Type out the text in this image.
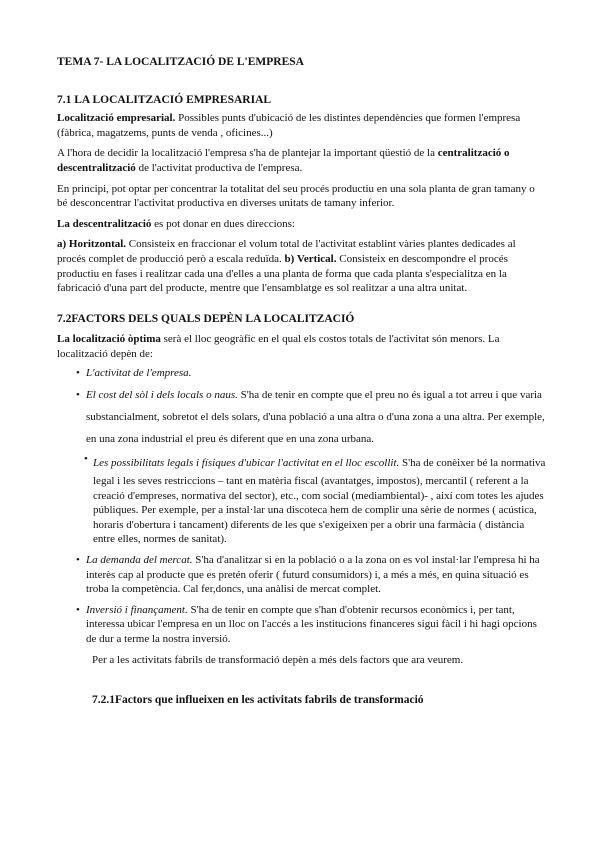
TEMA 7- LA LOCALITZACIÓ DE L'EMPRESA
7.1 LA LOCALITZACIÓ EMPRESARIAL

Localització empresarial. Possibles punts d'ubicació de les distintes dependències que formen l'empresa (fàbrica, magatzems, punts de venda , oficines...)

A l'hora de decidir la localització l'empresa s'ha de plantejar la important qüestió de la centralització o descentralització de l'activitat productiva de l'empresa.

En principi, pot optar per concentrar la totalitat del seu procés productiu en una sola planta de gran tamany o bé desconcentrar l'activitat productiva en diverses unitats de tamany inferior.

La descentralització es pot donar en dues direccions:

a) Horitzontal. Consisteix en fraccionar el volum total de l'activitat establint vàries plantes dedicades al procés complet de producció però a escala reduïda. b) Vertical. Consisteix en descompondre el procés productiu en fases i realitzar cada una d'elles a una planta de forma que cada planta s'especialitza en la fabricació d'una part del producte, mentre que l'ensamblatge es sol realitzar a una altra unitat.

7.2FACTORS DELS QUALS DEPÈN LA LOCALITZACIÓ

La localització òptima serà el lloc geogràfic en el qual els costos totals de l'activitat són menors. La localització depèn de:

• L'activitat de l'empresa.
• El cost del sòl i dels locals o naus. S'ha de tenir en compte que el preu no és igual a tot arreu i que varia substancialment, sobretot el dels solars, d'una població a una altra o d'una zona a una altra. Per exemple, en una zona industrial el preu és diferent que en una zona urbana.
• Les possibilitats legals i físiques d'ubicar l'activitat en el lloc escollit. S'ha de conèixer bé la normativa legal i les seves restriccions – tant en matèria fiscal (avantatges, impostos), mercantil ( referent a la creació d'empreses, normativa del sector), etc., com social (mediambiental)- , així com totes les ajudes públiques. Per exemple, per a instal·lar una discoteca hem de complir una sèrie de normes ( acústica, horaris d'obertura i tancament) diferents de les que s'exigeixen per a obrir una farmàcia ( distància entre elles, normes de sanitat).
• La demanda del mercat. S'ha d'analitzar si en la població o a la zona on es vol instal·lar l'empresa hi ha interès cap al producte que es pretén oferir ( futurd consumidors) i, a més a més, en quina situació es troba la competència. Cal fer,doncs, una anàlisi de mercat complet.
• Inversió i finançament. S'ha de tenir en compte que s'han d'obtenir recursos econòmics i, per tant, interessa ubicar l'empresa en un lloc on l'accés a les institucions financeres sigui fàcil i hi hagi opcions de dur a terme la nostra inversió.

Per a les activitats fabrils de transformació depèn a més dels factors que ara veurem.

7.2.1Factors que influeixen en les activitats fabrils de transformació
